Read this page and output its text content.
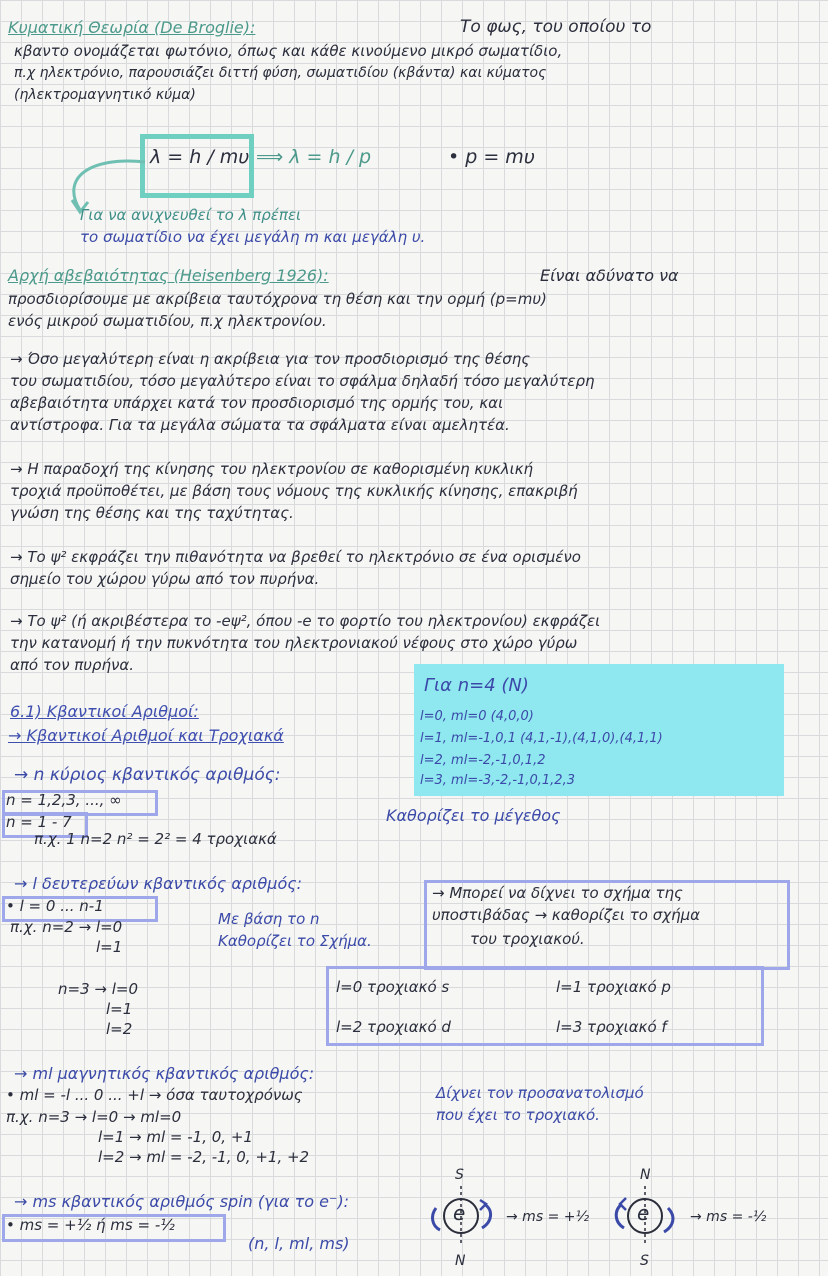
Κυματική Θεωρία (De Broglie):	Το φως, του οποίου το
κβαντο ονομάζεται φωτόνιο, όπως και κάθε κινούμενο μικρό σωματίδιο,
π.χ ηλεκτρόνιο, παρουσιάζει διττή φύση, σωματιδίου (κβάντα) και κύματος
(ηλεκτρομαγνητικό κύμα)
λ = h / mυ ⟹ λ = h / p	• p = mυ
Για να ανιχνευθεί το λ πρέπει
το σωματίδιο να έχει μεγάλη m και μεγάλη υ.
Αρχή αβεβαιότητας (Heisenberg 1926):	Είναι αδύνατο να
προσδιορίσουμε με ακρίβεια ταυτόχρονα τη θέση και την ορμή (p=mυ)
ενός μικρού σωματιδίου, π.χ ηλεκτρονίου.
→ Όσο μεγαλύτερη είναι η ακρίβεια για τον προσδιορισμό της θέσης
του σωματιδίου, τόσο μεγαλύτερο είναι το σφάλμα δηλαδή τόσο μεγαλύτερη
αβεβαιότητα υπάρχει κατά τον προσδιορισμό της ορμής του, και
αντίστροφα. Για τα μεγάλα σώματα τα σφάλματα είναι αμελητέα.
→ Η παραδοχή της κίνησης του ηλεκτρονίου σε καθορισμένη κυκλική
τροχιά προϋποθέτει, με βάση τους νόμους της κυκλικής κίνησης, επακριβή
γνώση της θέσης και της ταχύτητας.
→ Το ψ² εκφράζει την πιθανότητα να βρεθεί το ηλεκτρόνιο σε ένα ορισμένο
σημείο του χώρου γύρω από τον πυρήνα.
→ Το ψ² (ή ακριβέστερα το -eψ², όπου -e το φορτίο του ηλεκτρονίου) εκφράζει
την κατανομή ή την πυκνότητα του ηλεκτρονιακού νέφους στο χώρο γύρω
από τον πυρήνα.
Για n=4 (N)
l=0, ml=0 (4,0,0)
l=1, ml=-1,0,1 (4,1,-1),(4,1,0),(4,1,1)
l=2, ml=-2,-1,0,1,2
l=3, ml=-3,-2,-1,0,1,2,3
6.1) Κβαντικοί Αριθμοί:
→ Κβαντικοί Αριθμοί και Τροχιακά
→ n κύριος κβαντικός αριθμός:
n = 1,2,3, ..., ∞
n = 1 - 7
π.χ. 1 n=2 n² = 2² = 4 τροχιακά
Καθορίζει το μέγεθος
→ l δευτερεύων κβαντικός αριθμός:
• l = 0 ... n-1
π.χ. n=2 → l=0
l=1
Με βάση το n
Καθορίζει το Σχήμα.
→ Μπορεί να δίχνει το σχήμα της
υποστιβάδας → καθορίζει το σχήμα
του τροχιακού.
n=3 → l=0
l=1
l=2
l=0 τροχιακό s	l=1 τροχιακό p
l=2 τροχιακό d	l=3 τροχιακό f
→ ml μαγνητικός κβαντικός αριθμός:
• ml = -l ... 0 ... +l → όσα ταυτοχρόνως	Δίχνει τον προσανατολισμό
που έχει το τροχιακό.
π.χ. n=3 → l=0 → ml=0
l=1 → ml = -1, 0, +1
l=2 → ml = -2, -1, 0, +1, +2
→ ms κβαντικός αριθμός spin (για το e⁻):
• ms = +½ ή ms = -½
(n, l, ml, ms)
S
e
N
→ ms = +½
N
e
S
→ ms = -½
